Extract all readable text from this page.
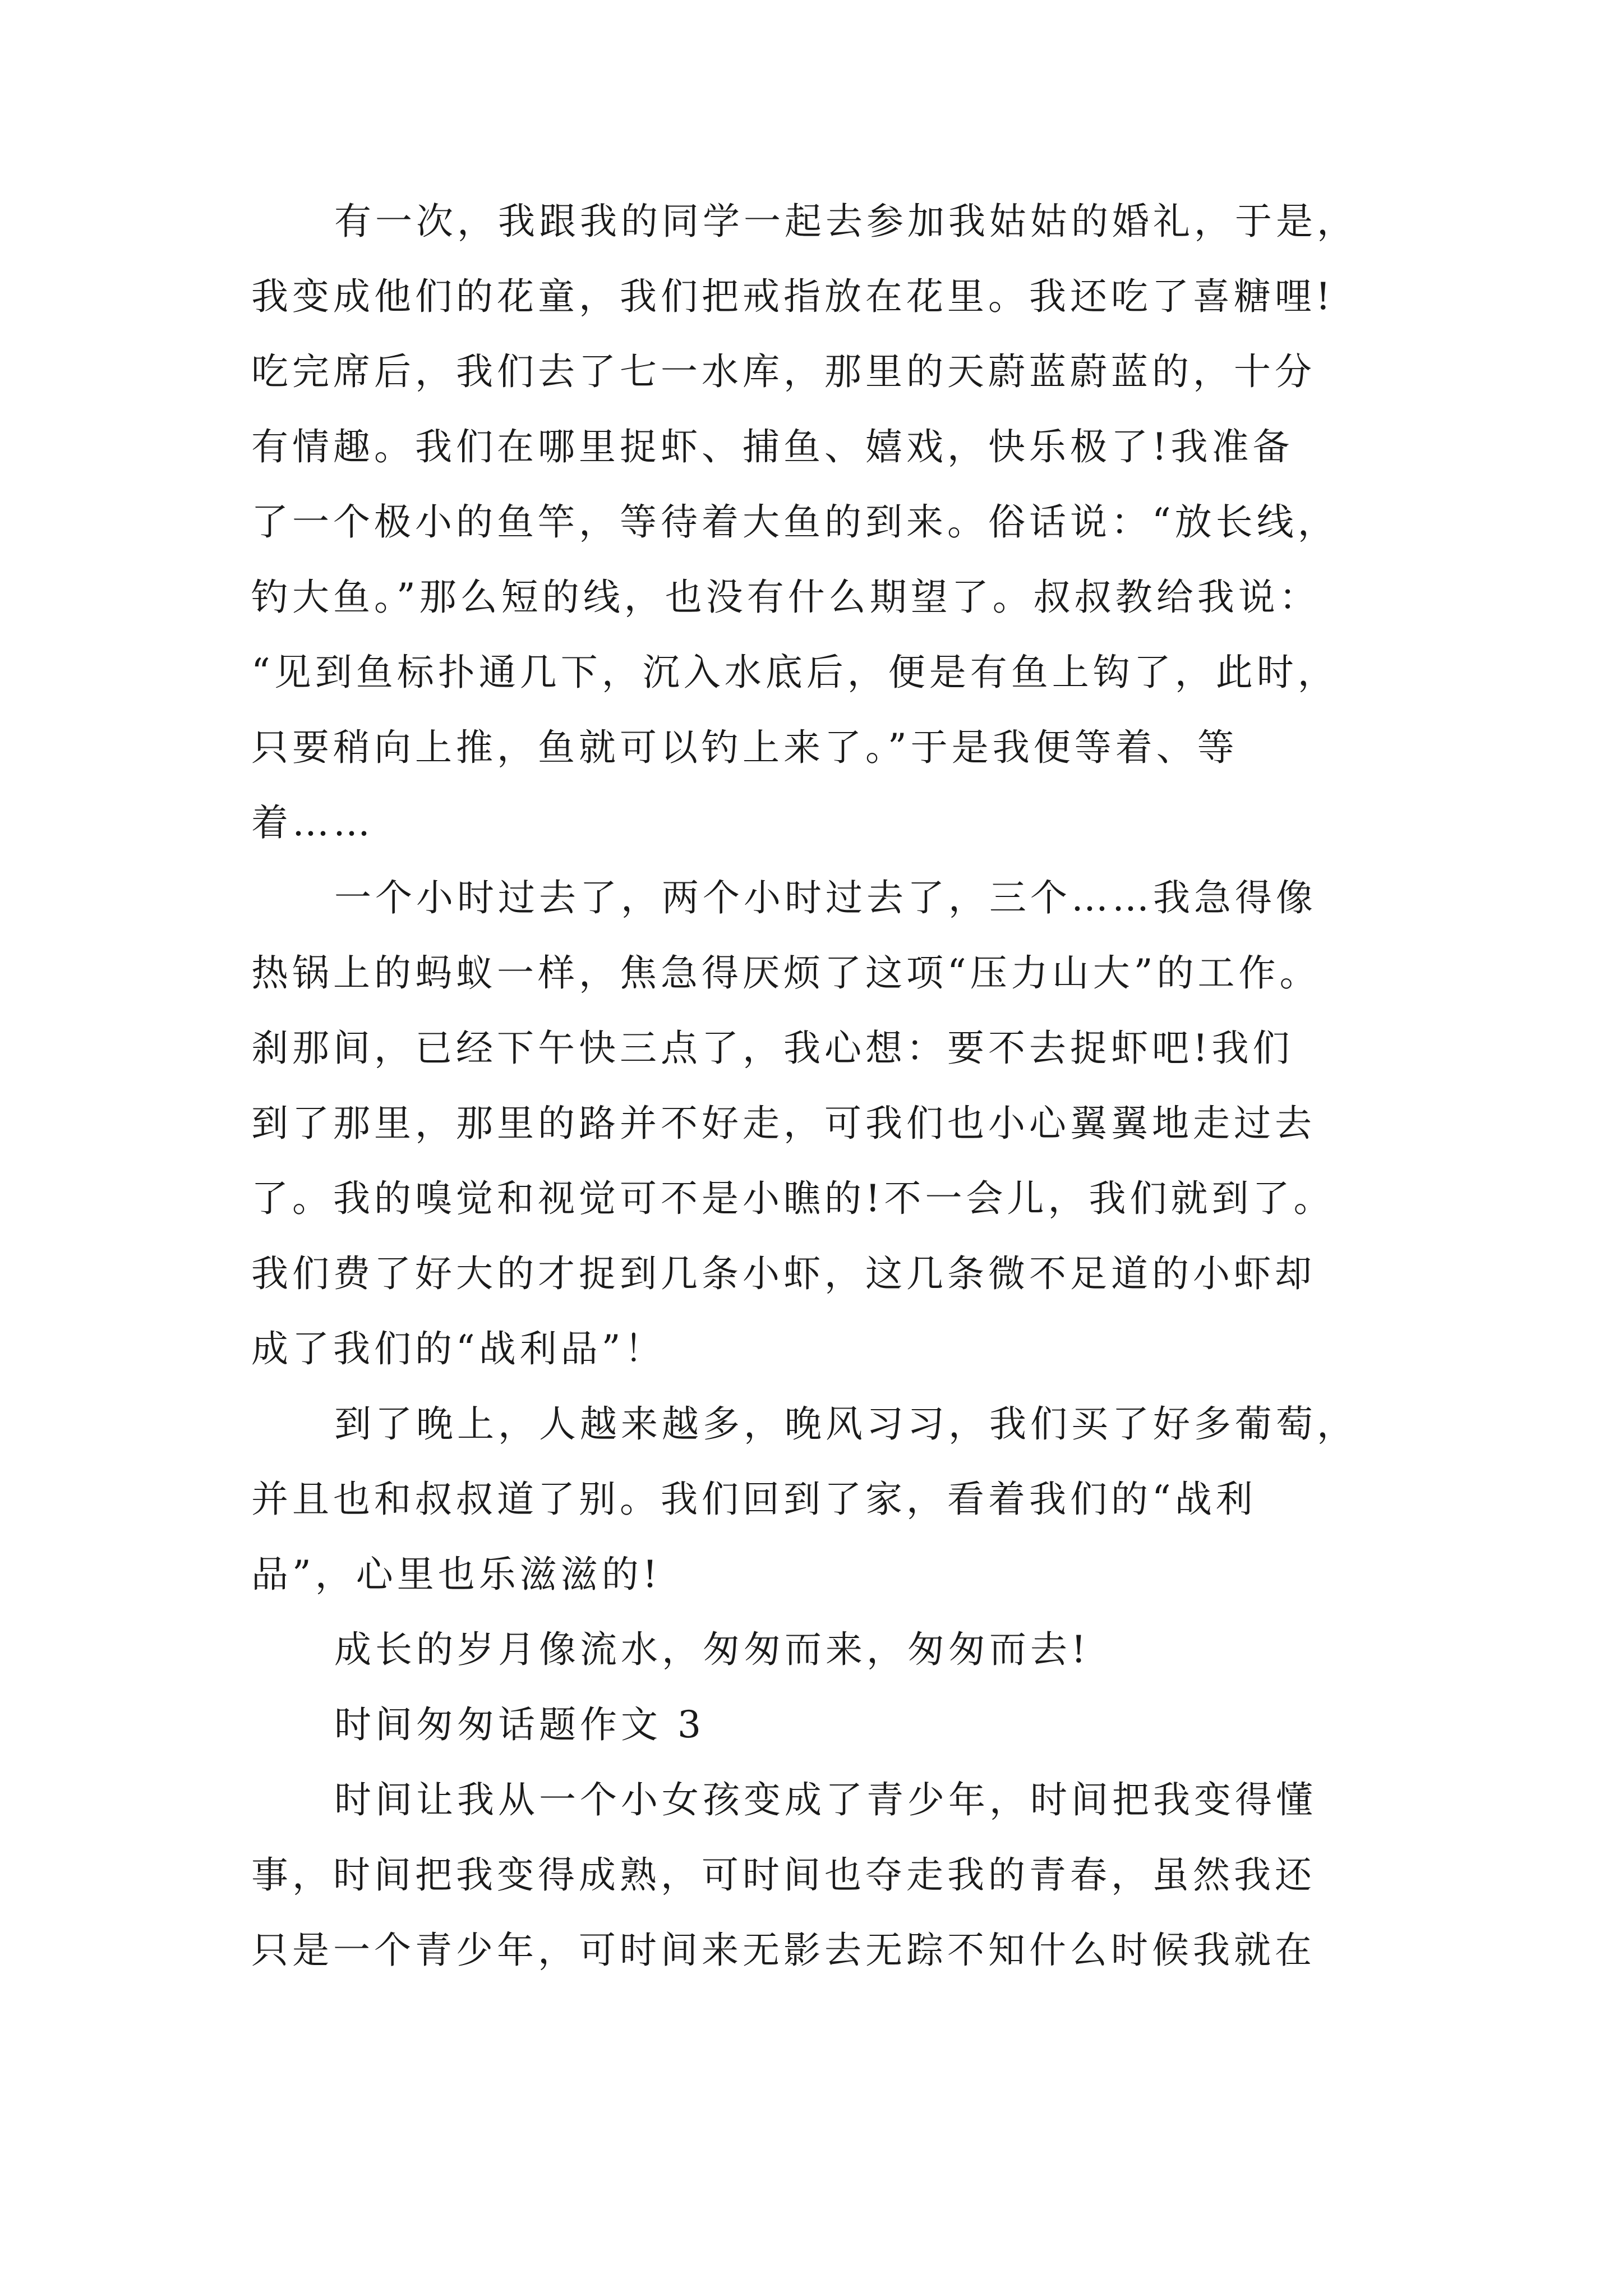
有一次，我跟我的同学一起去参加我姑姑的婚礼，于是，
我变成他们的花童，我们把戒指放在花里。我还吃了喜糖哩!
吃完席后，我们去了七一水库，那里的天蔚蓝蔚蓝的，十分
有情趣。我们在哪里捉虾、捕鱼、嬉戏，快乐极了!我准备
了一个极小的鱼竿，等待着大鱼的到来。俗话说：“放长线，
钓大鱼。”那么短的线，也没有什么期望了。叔叔教给我说：
“见到鱼标扑通几下，沉入水底后，便是有鱼上钩了，此时，
只要稍向上推，鱼就可以钓上来了。”于是我便等着、等
着……
一个小时过去了，两个小时过去了，三个……我急得像
热锅上的蚂蚁一样，焦急得厌烦了这项“压力山大”的工作。
刹那间，已经下午快三点了，我心想：要不去捉虾吧!我们
到了那里，那里的路并不好走，可我们也小心翼翼地走过去
了。我的嗅觉和视觉可不是小瞧的!不一会儿，我们就到了。
我们费了好大的才捉到几条小虾，这几条微不足道的小虾却
成了我们的“战利品”！
到了晚上，人越来越多，晚风习习，我们买了好多葡萄，
并且也和叔叔道了别。我们回到了家，看着我们的“战利
品”，心里也乐滋滋的!
成长的岁月像流水，匆匆而来，匆匆而去!
时间匆匆话题作文 3
时间让我从一个小女孩变成了青少年，时间把我变得懂
事，时间把我变得成熟，可时间也夺走我的青春，虽然我还
只是一个青少年，可时间来无影去无踪不知什么时候我就在
